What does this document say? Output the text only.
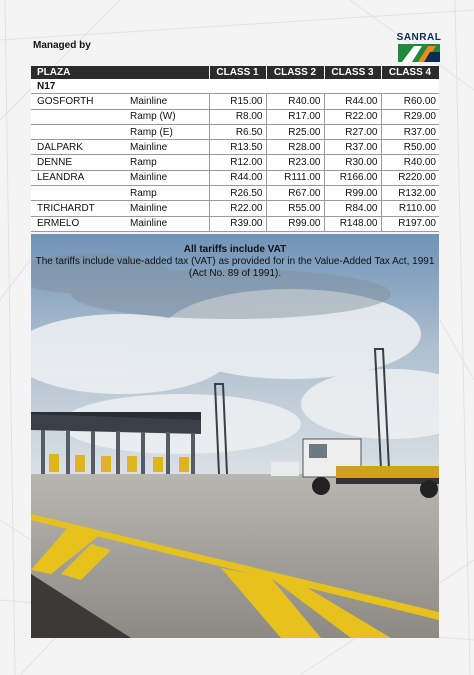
Managed by
SANRAL
PLAZA		CLASS 1	CLASS 2	CLASS 3	CLASS 4
N17					
GOSFORTH	Mainline	R15.00	R40.00	R44.00	R60.00
	Ramp (W)	R8.00	R17.00	R22.00	R29.00
	Ramp (E)	R6.50	R25.00	R27.00	R37.00
DALPARK	Mainline	R13.50	R28.00	R37.00	R50.00
DENNE	Ramp	R12.00	R23.00	R30.00	R40.00
LEANDRA	Mainline	R44.00	R111.00	R166.00	R220.00
	Ramp	R26.50	R67.00	R99.00	R132.00
TRICHARDT	Mainline	R22.00	R55.00	R84.00	R110.00
ERMELO	Mainline	R39.00	R99.00	R148.00	R197.00
All tariffs include VAT
The tariffs include value-added tax (VAT) as provided for in the Value-Added Tax Act, 1991
(Act No. 89 of 1991).
